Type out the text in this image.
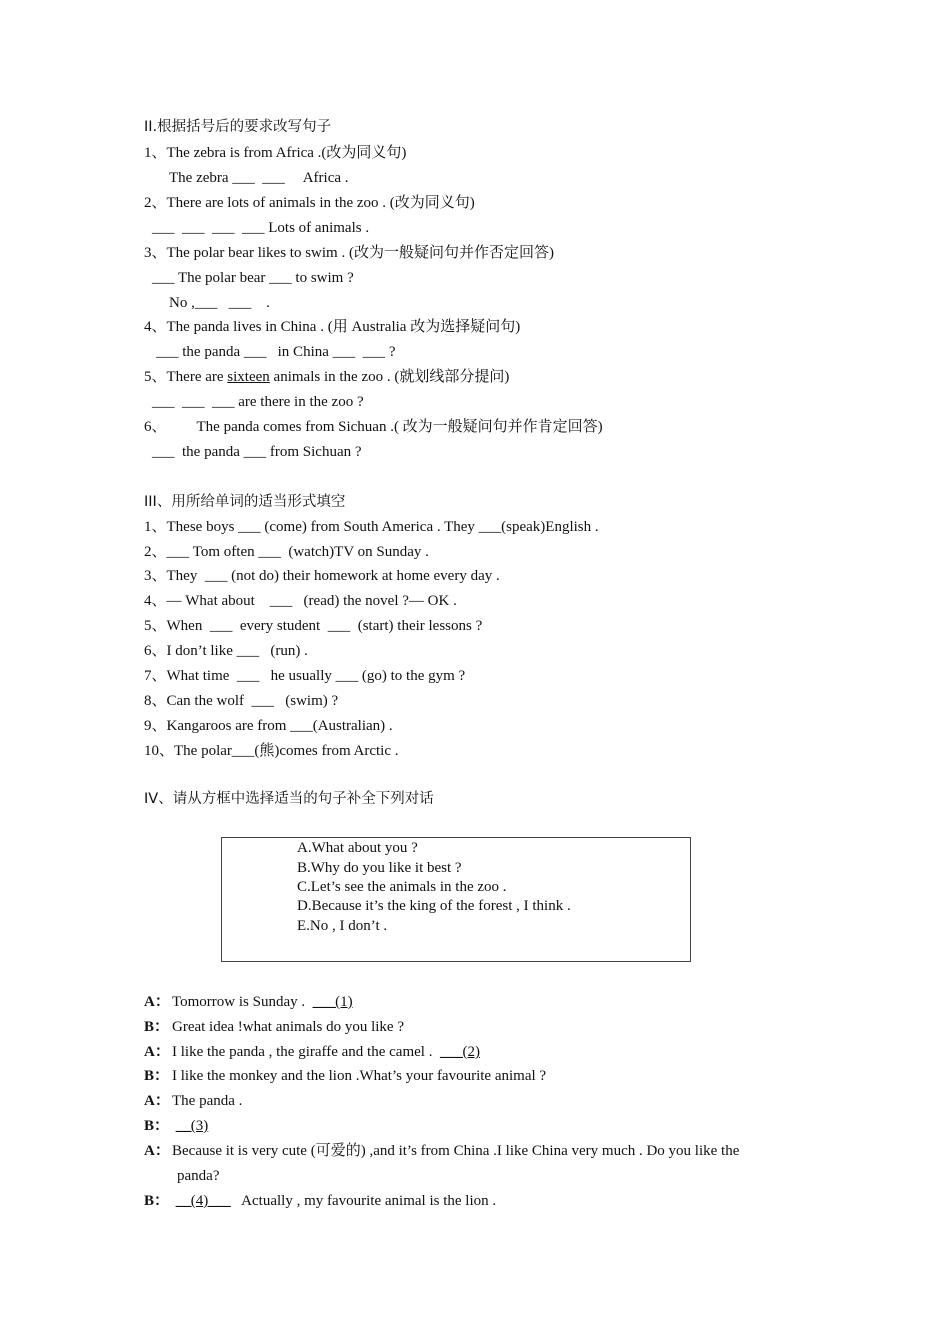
II.根据括号后的要求改写句子
1、The zebra is from Africa .(改为同义句)
The zebra ___  ___     Africa .
2、There are lots of animals in the zoo . (改为同义句)
___  ___  ___  ___ Lots of animals .
3、The polar bear likes to swim . (改为一般疑问句并作否定回答)
___ The polar bear ___ to swim ?
No ,___   ___    .
4、The panda lives in China . (用 Australia 改为选择疑问句)
___ the panda ___   in China ___  ___ ?
5、There are sixteen animals in the zoo . (就划线部分提问)
___  ___  ___ are there in the zoo ?
6、        The panda comes from Sichuan .( 改为一般疑问句并作肯定回答)
___  the panda ___ from Sichuan ?
III、用所给单词的适当形式填空
1、These boys ___ (come) from South America . They ___(speak)English .
2、___ Tom often ___  (watch)TV on Sunday .
3、They  ___ (not do) their homework at home every day .
4、— What about    ___   (read) the novel ?— OK .
5、When  ___  every student  ___  (start) their lessons ?
6、I don’t like ___   (run) .
7、What time  ___   he usually ___ (go) to the gym ?
8、Can the wolf  ___   (swim) ?
9、Kangaroos are from ___(Australian) .
10、The polar___(熊)comes from Arctic .
IV、请从方框中选择适当的句子补全下列对话
A.What about you ?
B.Why do you like it best ?
C.Let’s see the animals in the zoo .
D.Because it’s the king of the forest , I think .
E.No , I don’t .
A： Tomorrow is Sunday .  ___(1)
B： Great idea !what animals do you like ?
A： I like the panda , the giraffe and the camel .  ___(2)
B： I like the monkey and the lion .What’s your favourite animal ?
A： The panda .
B： __(3)
A： Because it is very cute (可爱的) ,and it’s from China .I like China very much . Do you like the
panda?
B： __(4)___   Actually , my favourite animal is the lion .
